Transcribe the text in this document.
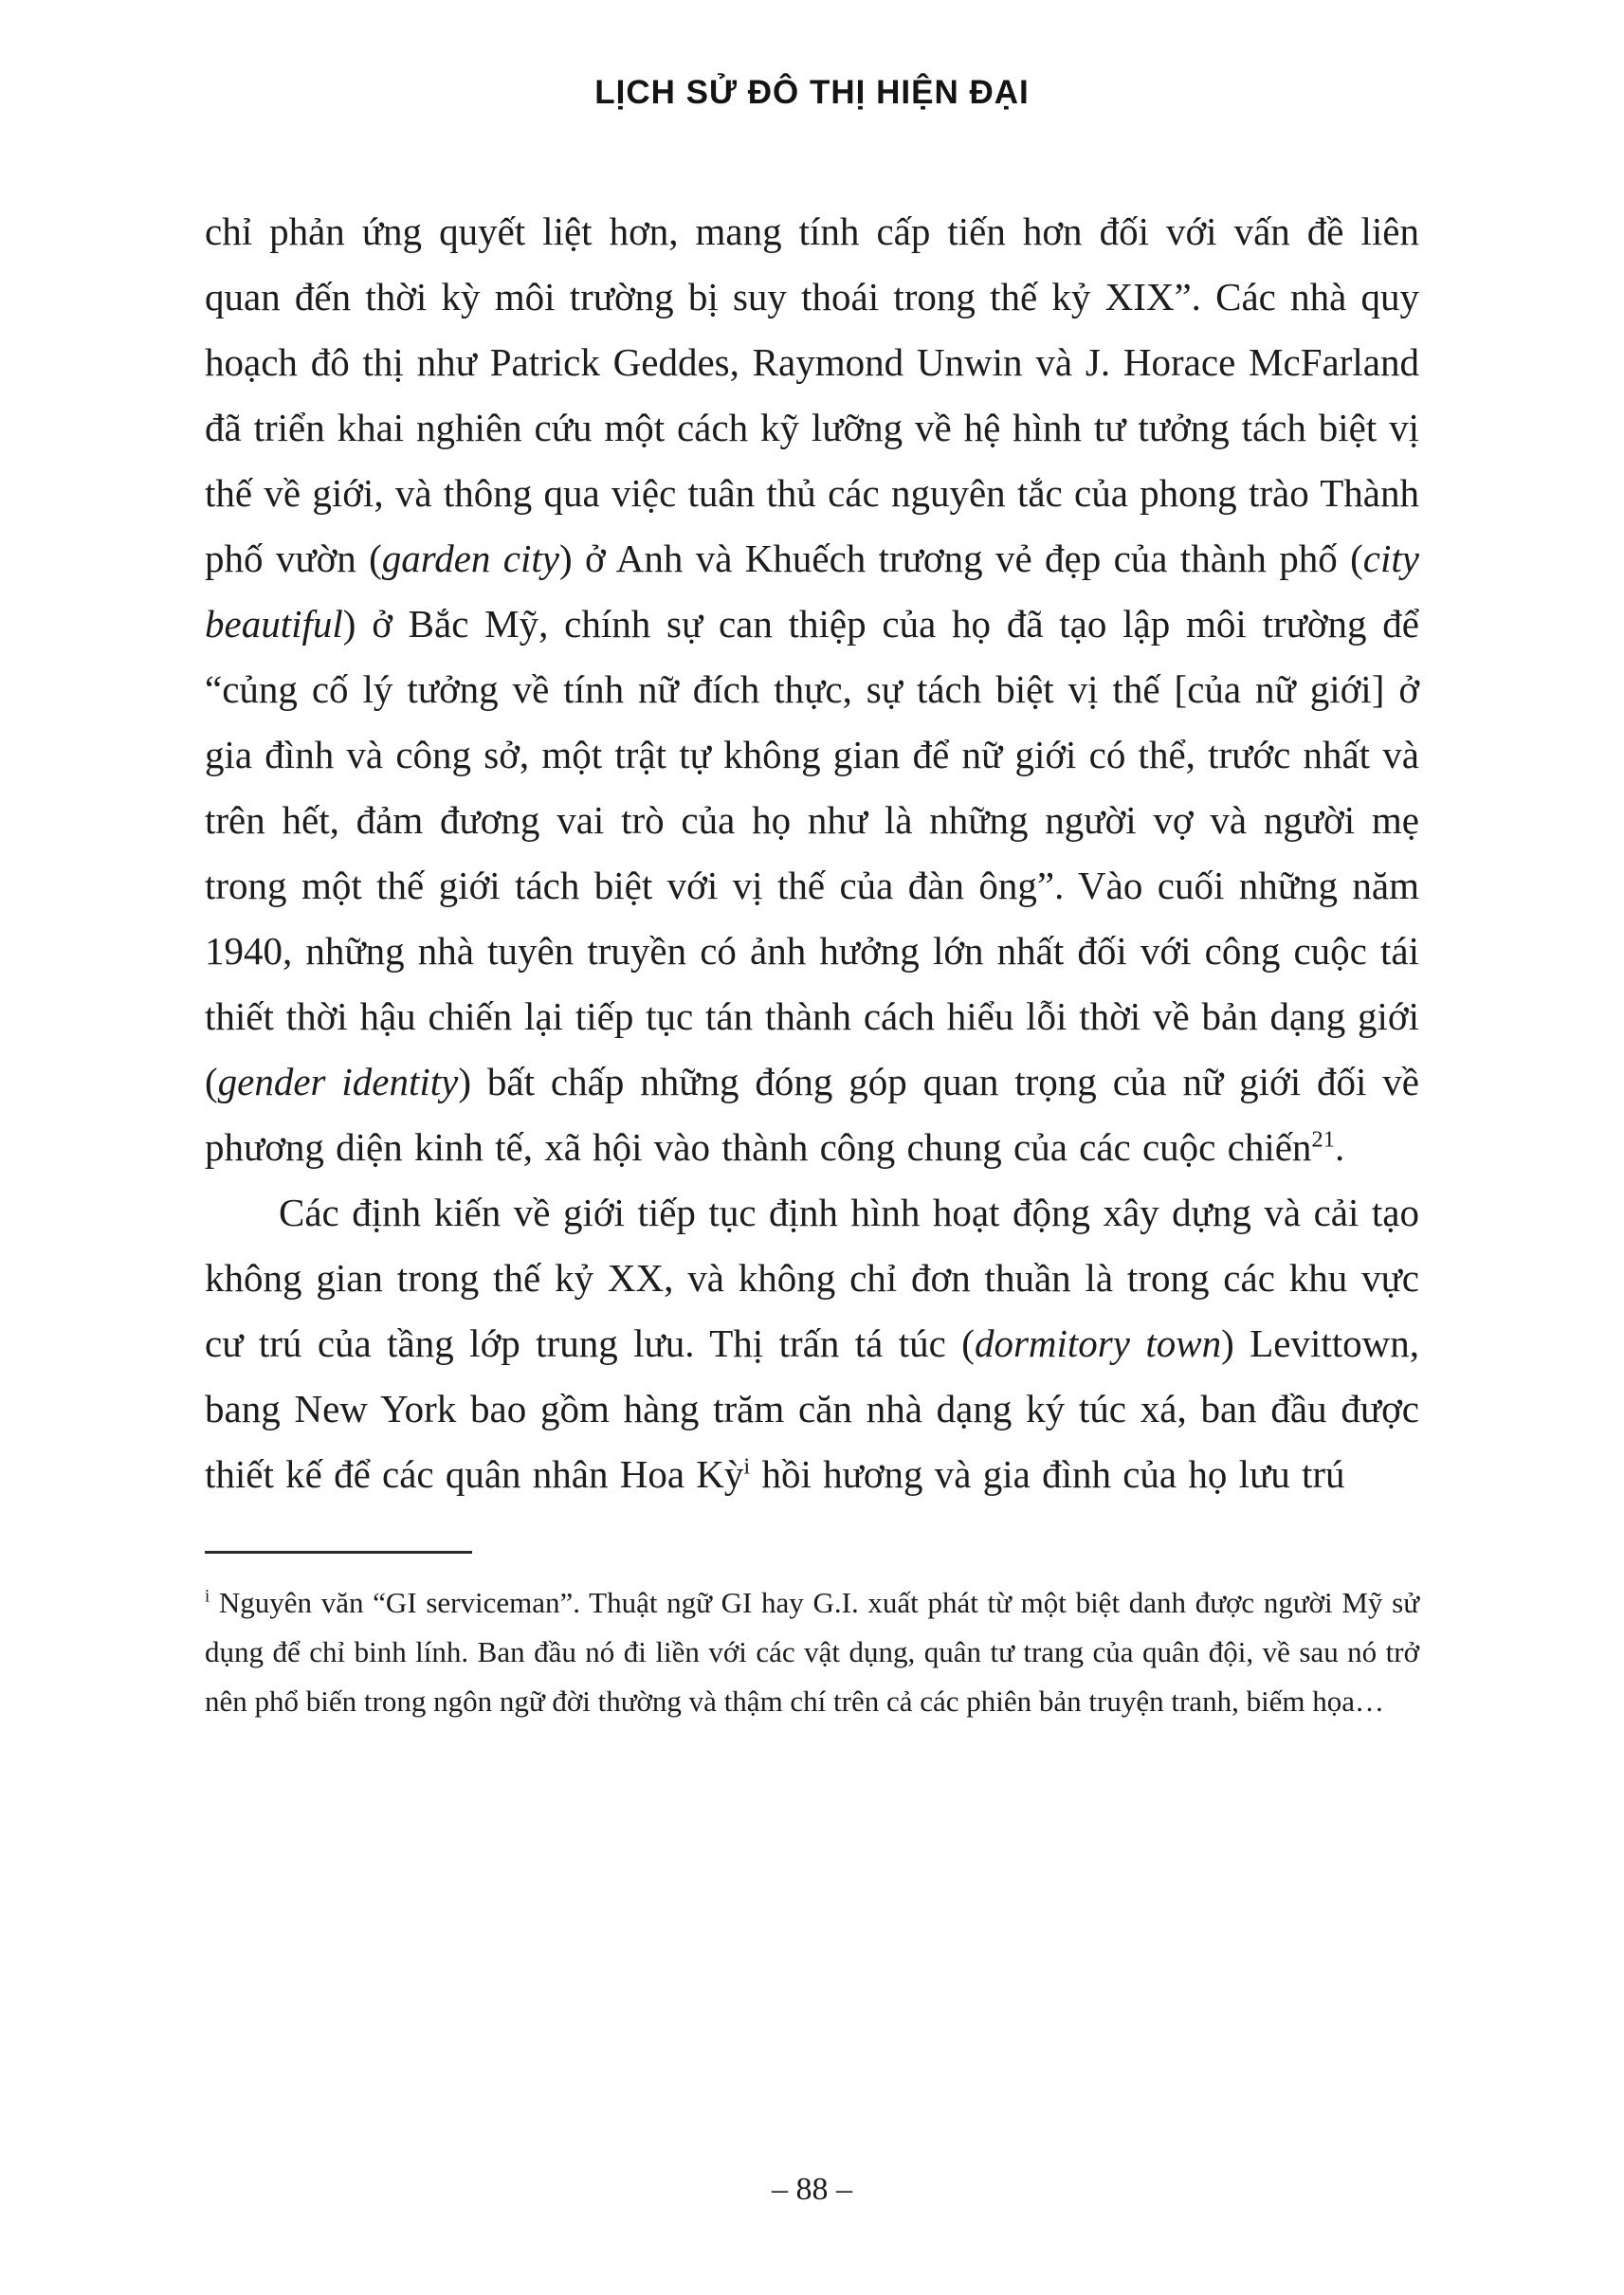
LỊCH SỬ ĐÔ THỊ HIỆN ĐẠI

chỉ phản ứng quyết liệt hơn, mang tính cấp tiến hơn đối với vấn đề liên quan đến thời kỳ môi trường bị suy thoái trong thế kỷ XIX”. Các nhà quy hoạch đô thị như Patrick Geddes, Raymond Unwin và J. Horace McFarland đã triển khai nghiên cứu một cách kỹ lưỡng về hệ hình tư tưởng tách biệt vị thế về giới, và thông qua việc tuân thủ các nguyên tắc của phong trào Thành phố vườn (garden city) ở Anh và Khuếch trương vẻ đẹp của thành phố (city beautiful) ở Bắc Mỹ, chính sự can thiệp của họ đã tạo lập môi trường để “củng cố lý tưởng về tính nữ đích thực, sự tách biệt vị thế [của nữ giới] ở gia đình và công sở, một trật tự không gian để nữ giới có thể, trước nhất và trên hết, đảm đương vai trò của họ như là những người vợ và người mẹ trong một thế giới tách biệt với vị thế của đàn ông”. Vào cuối những năm 1940, những nhà tuyên truyền có ảnh hưởng lớn nhất đối với công cuộc tái thiết thời hậu chiến lại tiếp tục tán thành cách hiểu lỗi thời về bản dạng giới (gender identity) bất chấp những đóng góp quan trọng của nữ giới đối về phương diện kinh tế, xã hội vào thành công chung của các cuộc chiến$^{21}$.

Các định kiến về giới tiếp tục định hình hoạt động xây dựng và cải tạo không gian trong thế kỷ XX, và không chỉ đơn thuần là trong các khu vực cư trú của tầng lớp trung lưu. Thị trấn tá túc (dormitory town) Levittown, bang New York bao gồm hàng trăm căn nhà dạng ký túc xá, ban đầu được thiết kế để các quân nhân Hoa Kỳ$^i$ hồi hương và gia đình của họ lưu trú

$^i$ Nguyên văn “GI serviceman”. Thuật ngữ GI hay G.I. xuất phát từ một biệt danh được người Mỹ sử dụng để chỉ binh lính. Ban đầu nó đi liền với các vật dụng, quân tư trang của quân đội, về sau nó trở nên phổ biến trong ngôn ngữ đời thường và thậm chí trên cả các phiên bản truyện tranh, biếm họa…
– 88 –
